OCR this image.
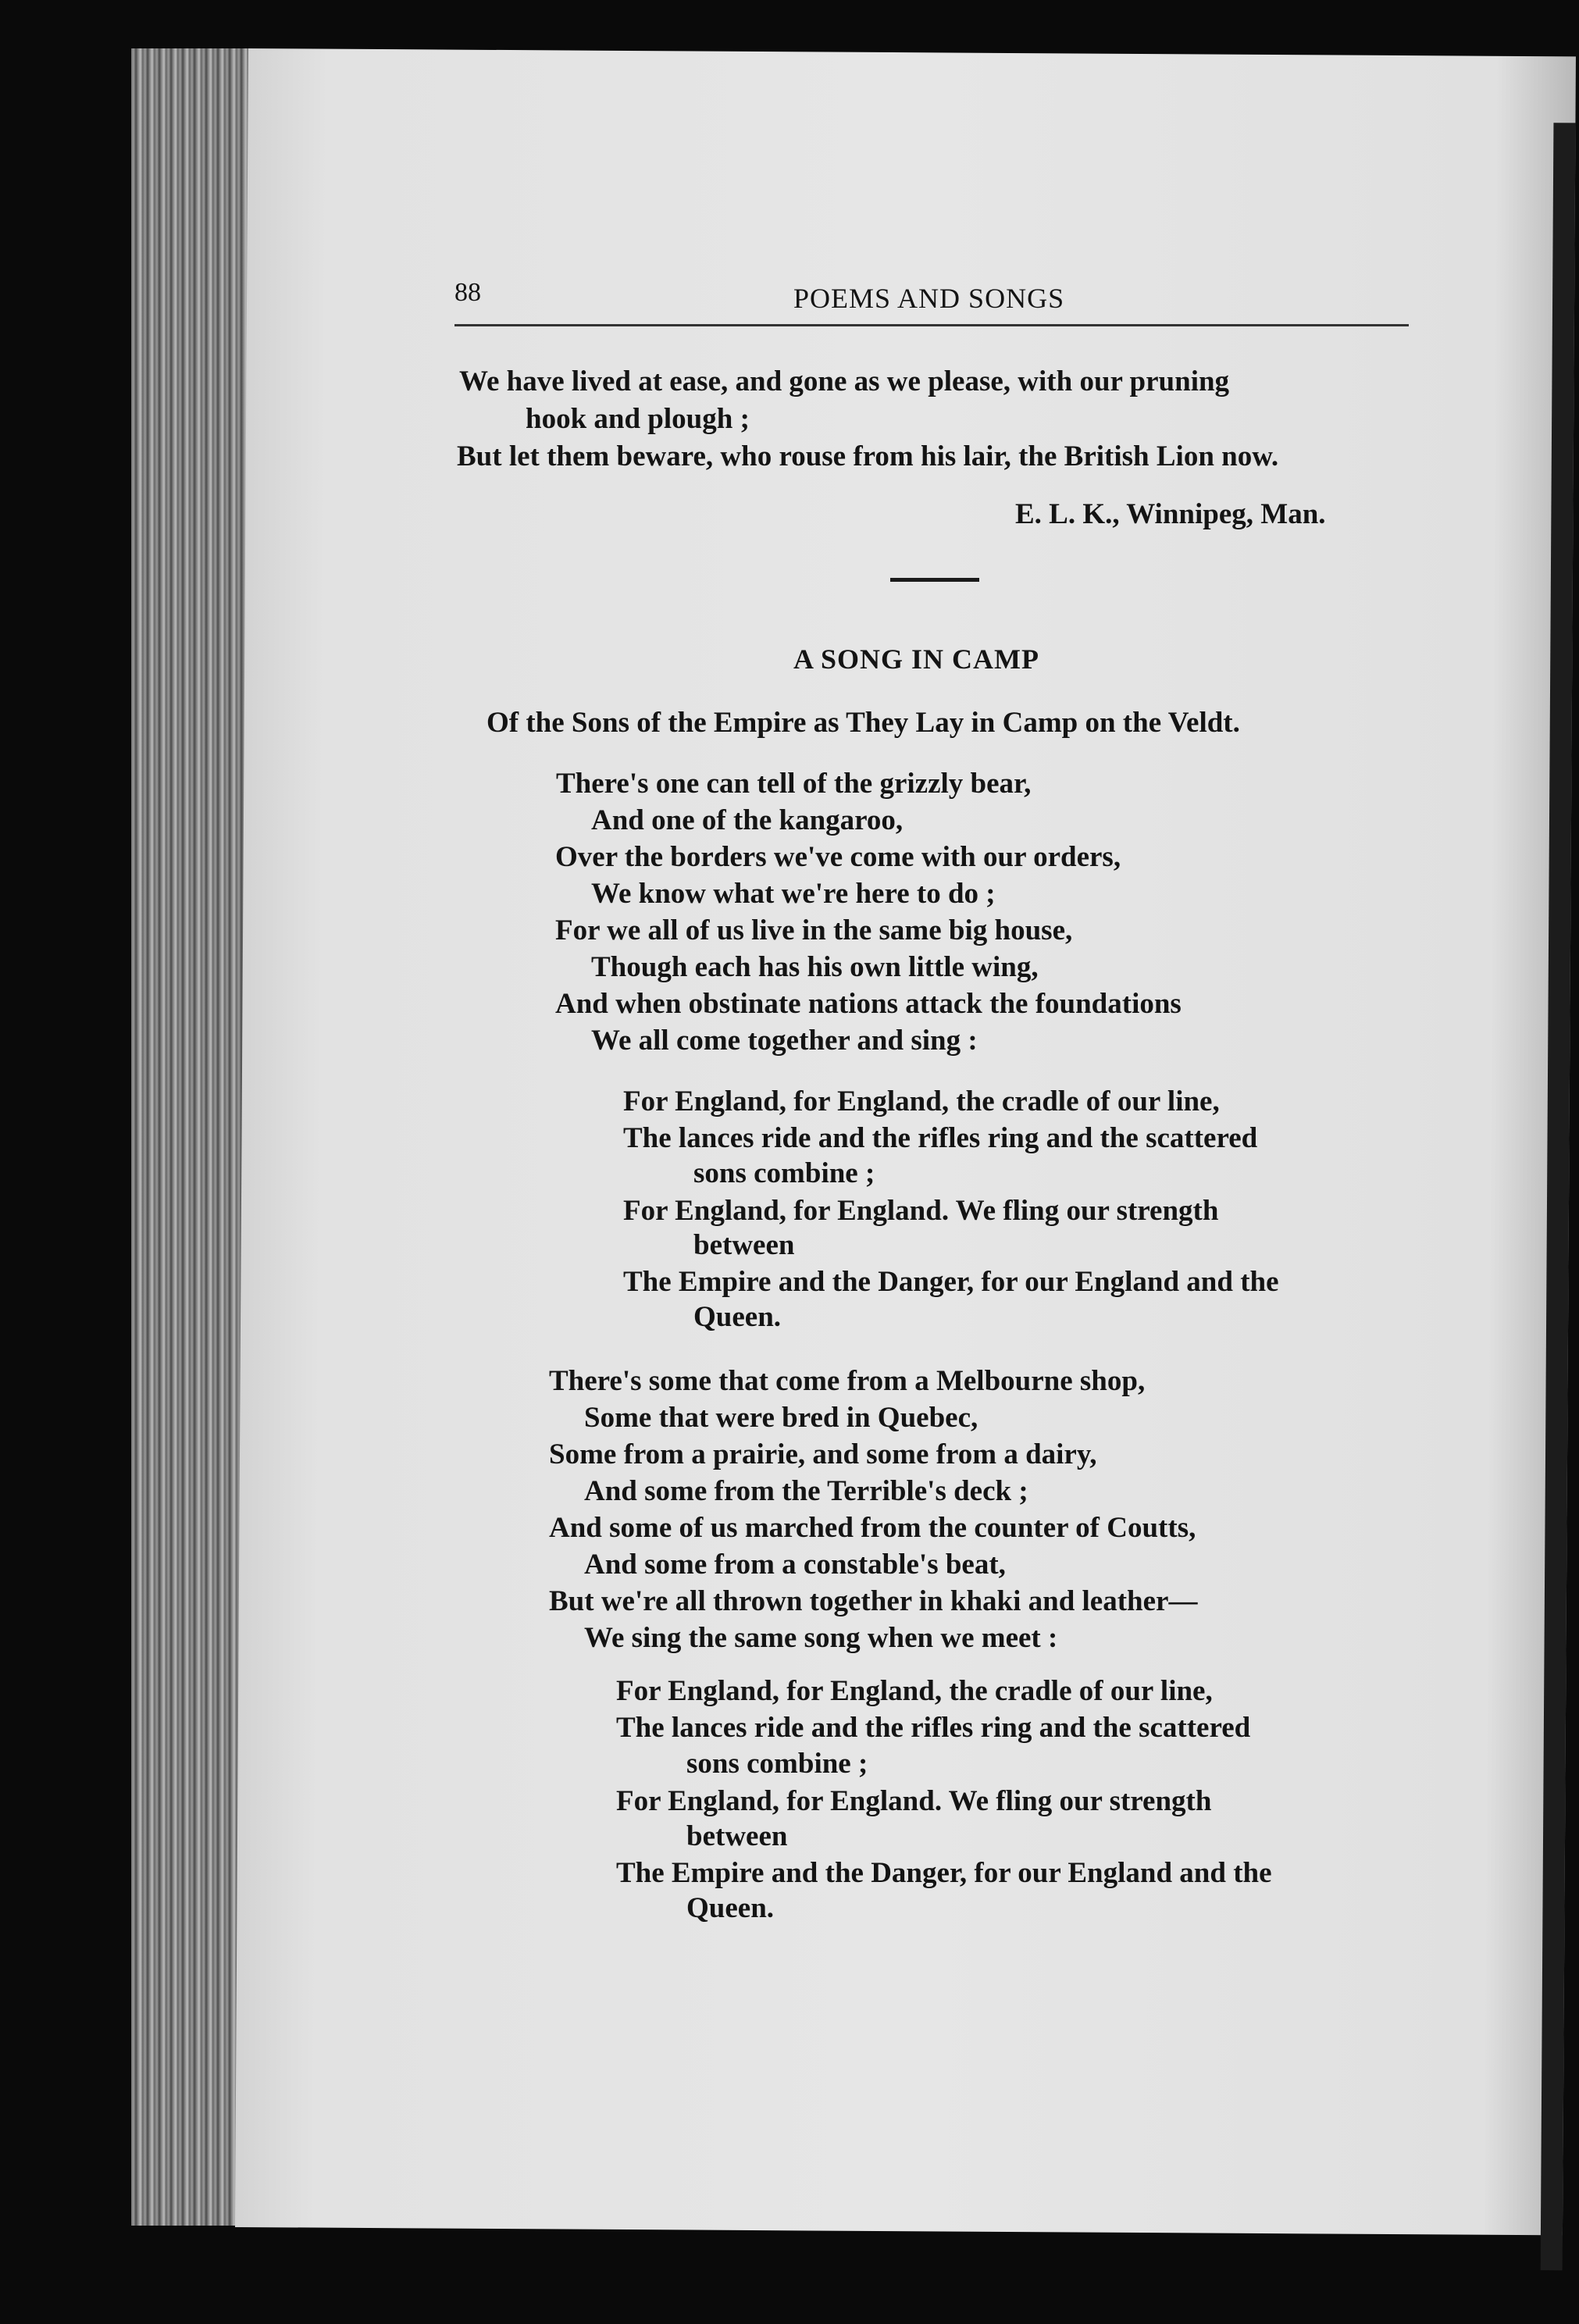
88	POEMS AND SONGS
We have lived at ease, and gone as we please, with our pruning
hook and plough ;
But let them beware, who rouse from his lair, the British Lion now.
E. L. K., Winnipeg, Man.
A SONG IN CAMP
Of the Sons of the Empire as They Lay in Camp on the Veldt.
There's one can tell of the grizzly bear,
And one of the kangaroo,
Over the borders we've come with our orders,
We know what we're here to do ;
For we all of us live in the same big house,
Though each has his own little wing,
And when obstinate nations attack the foundations
We all come together and sing :
For England, for England, the cradle of our line,
The lances ride and the rifles ring and the scattered
sons combine ;
For England, for England. We fling our strength
between
The Empire and the Danger, for our England and the
Queen.
There's some that come from a Melbourne shop,
Some that were bred in Quebec,
Some from a prairie, and some from a dairy,
And some from the Terrible's deck ;
And some of us marched from the counter of Coutts,
And some from a constable's beat,
But we're all thrown together in khaki and leather—
We sing the same song when we meet :
For England, for England, the cradle of our line,
The lances ride and the rifles ring and the scattered
sons combine ;
For England, for England. We fling our strength
between
The Empire and the Danger, for our England and the
Queen.
